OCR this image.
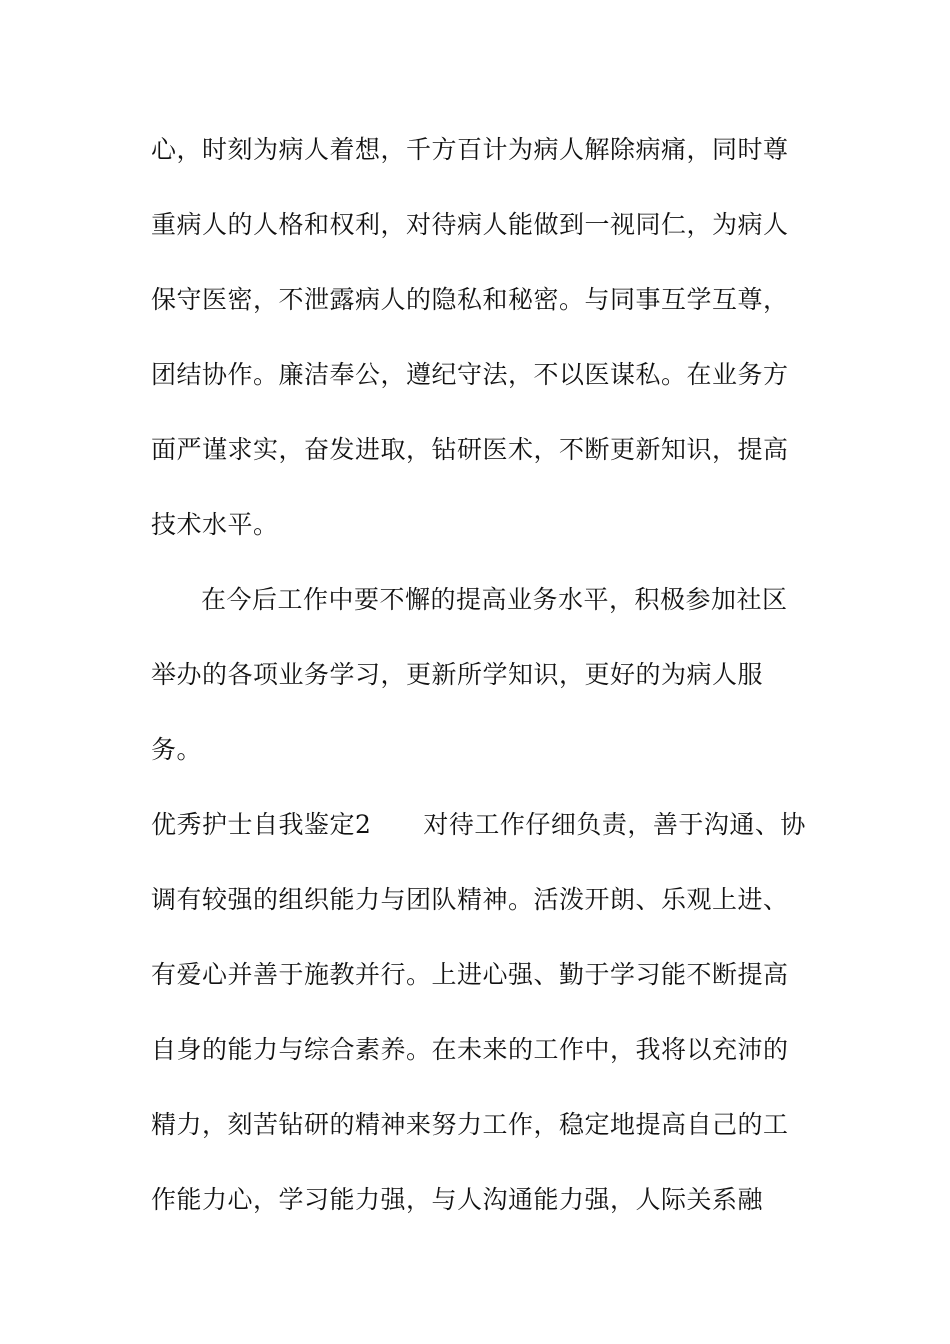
心，时刻为病人着想，千方百计为病人解除病痛，同时尊
重病人的人格和权利，对待病人能做到一视同仁，为病人
保守医密，不泄露病人的隐私和秘密。与同事互学互尊，
团结协作。廉洁奉公，遵纪守法，不以医谋私。在业务方
面严谨求实，奋发进取，钻研医术，不断更新知识，提高
技术水平。
在今后工作中要不懈的提高业务水平，积极参加社区
举办的各项业务学习，更新所学知识，更好的为病人服
务。
优秀护士自我鉴定2 对待工作仔细负责，善于沟通、协
调有较强的组织能力与团队精神。活泼开朗、乐观上进、
有爱心并善于施教并行。上进心强、勤于学习能不断提高
自身的能力与综合素养。在未来的工作中，我将以充沛的
精力，刻苦钻研的精神来努力工作，稳定地提高自己的工
作能力心，学习能力强，与人沟通能力强，人际关系融
